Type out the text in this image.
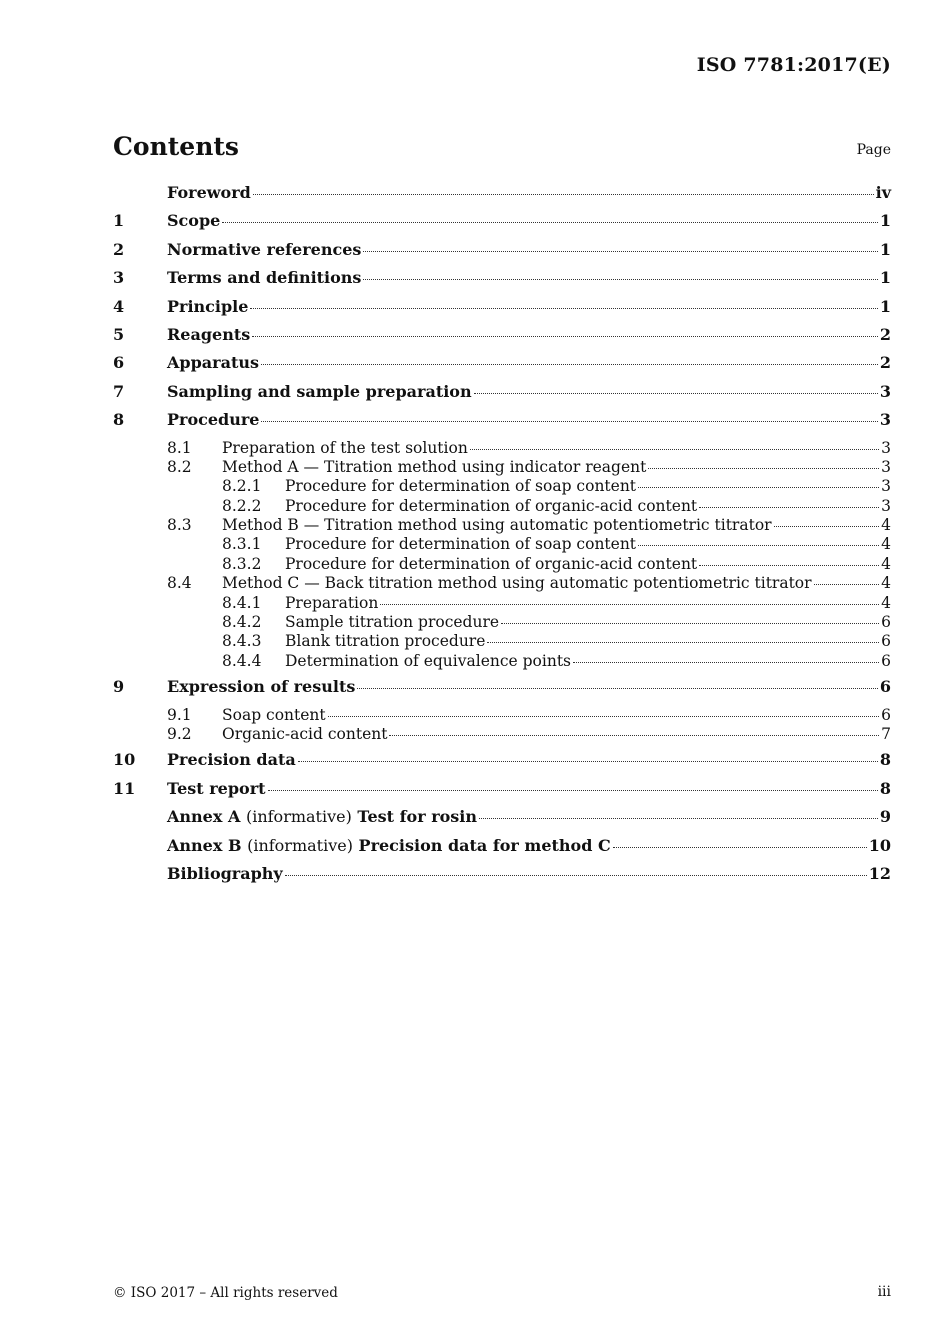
ISO 7781:2017(E)
Contents	Page
Foreword	iv
1	Scope	1
2	Normative references	1
3	Terms and definitions	1
4	Principle	1
5	Reagents	2
6	Apparatus	2
7	Sampling and sample preparation	3
8	Procedure	3
8.1	Preparation of the test solution	3
8.2	Method A — Titration method using indicator reagent	3
8.2.1	Procedure for determination of soap content	3
8.2.2	Procedure for determination of organic-acid content	3
8.3	Method B — Titration method using automatic potentiometric titrator	4
8.3.1	Procedure for determination of soap content	4
8.3.2	Procedure for determination of organic-acid content	4
8.4	Method C — Back titration method using automatic potentiometric titrator	4
8.4.1	Preparation	4
8.4.2	Sample titration procedure	6
8.4.3	Blank titration procedure	6
8.4.4	Determination of equivalence points	6
9	Expression of results	6
9.1	Soap content	6
9.2	Organic-acid content	7
10	Precision data	8
11	Test report	8
Annex A (informative) Test for rosin	9
Annex B (informative) Precision data for method C	10
Bibliography	12
© ISO 2017 – All rights reserved	iii
